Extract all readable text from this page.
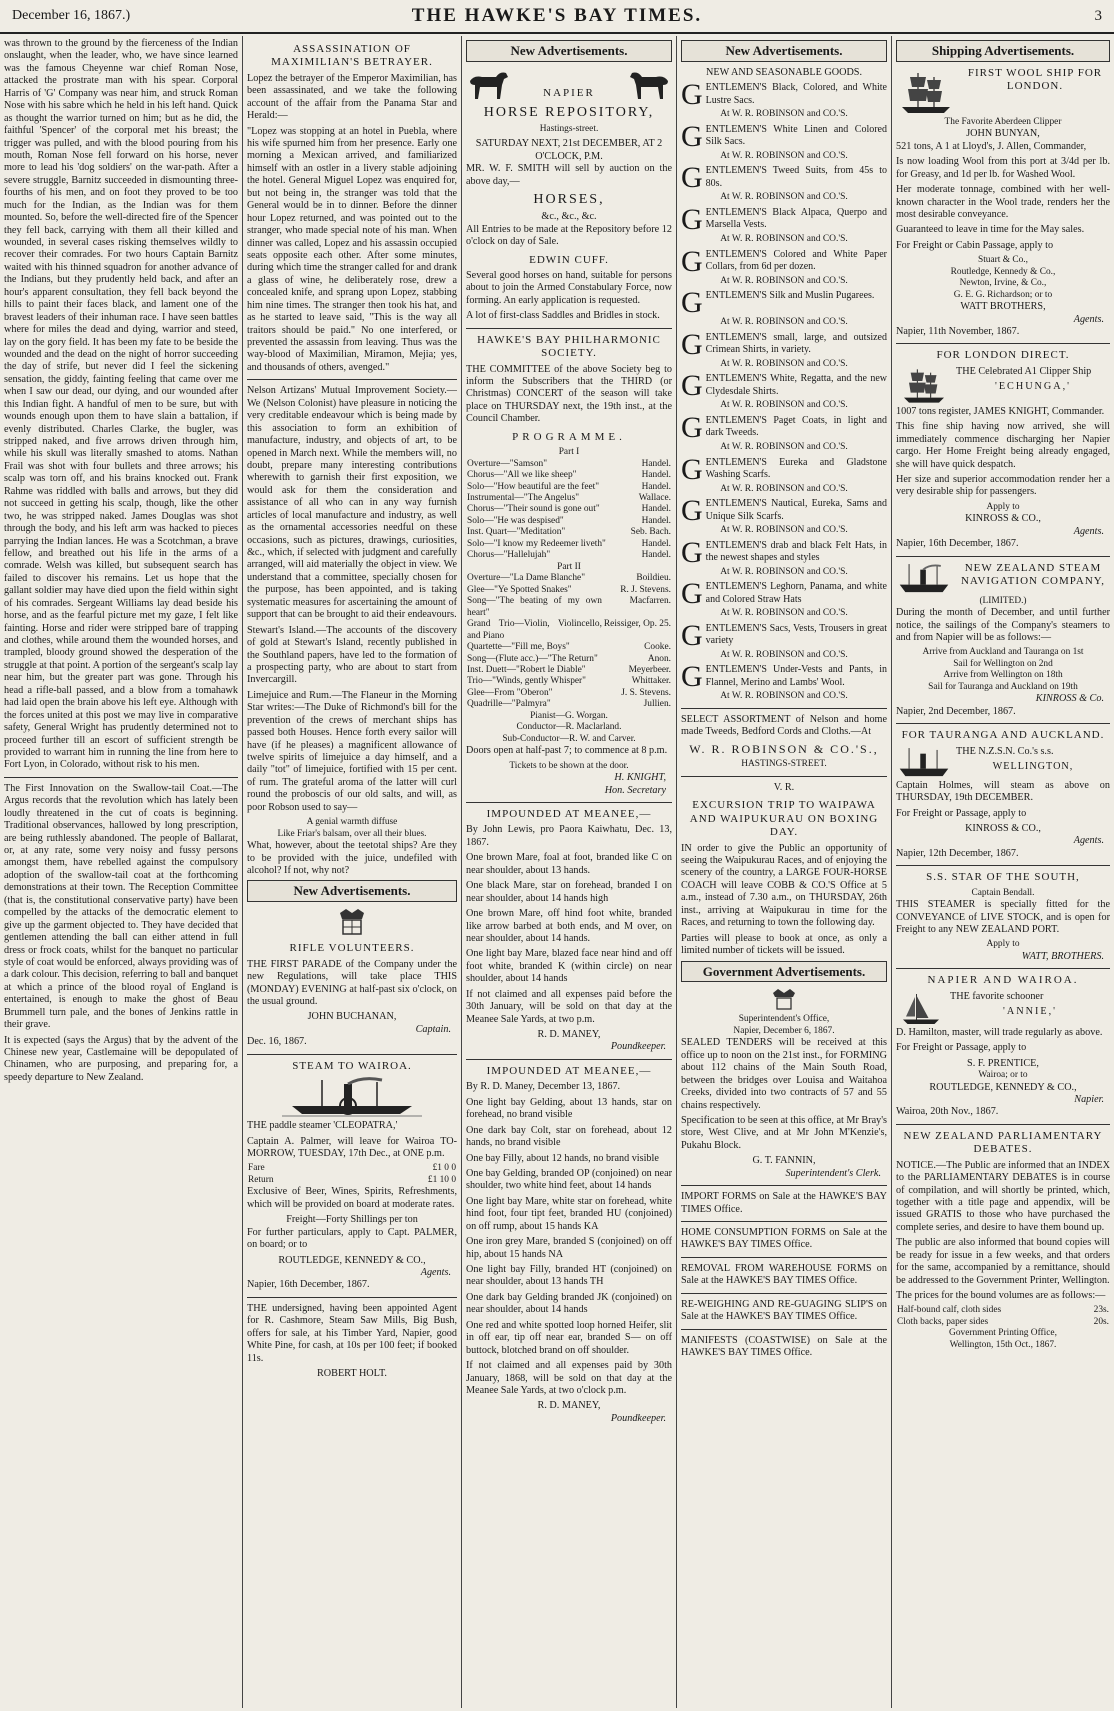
December 16, 1867.)	THE HAWKE'S BAY TIMES.	3

was thrown to the ground by the fierceness of the Indian onslaught, when the leader, who, we have since learned was the famous Cheyenne war chief Roman Nose, attacked the prostrate man with his spear. Corporal Harris of 'G' Company was near him, and struck Roman Nose with his sabre which he held in his left hand. Quick as thought the warrior turned on him; but as he did, the faithful 'Spencer' of the corporal met his breast; the trigger was pulled, and with the blood pouring from his mouth, Roman Nose fell forward on his horse, never more to lead his 'dog soldiers' on the war-path. After a severe struggle, Barnitz succeeded in dismounting three-fourths of his men, and on foot they proved to be too much for the Indian, as the Indian was for them mounted. So, before the well-directed fire of the Spencer they fell back, carrying with them all their killed and wounded, in several cases risking themselves wildly to recover their comrades. For two hours Captain Barnitz waited with his thinned squadron for another advance of the Indians, but they prudently held back, and after an hour's apparent consultation, they fell back beyond the hills to paint their faces black, and lament one of the bravest leaders of their inhuman race. I have seen battles where for miles the dead and dying, warrior and steed, lay on the gory field. It has been my fate to be beside the wounded and the dead on the night of horror succeeding the day of strife, but never did I feel the sickening sensation, the giddy, fainting feeling that came over me when I saw our dead, our dying, and our wounded after this Indian fight. A handful of men to be sure, but with wounds enough upon them to have slain a battalion, if evenly distributed. Charles Clarke, the bugler, was stripped naked, and five arrows driven through him, while his skull was literally smashed to atoms. Nathan Frail was shot with four bullets and three arrows; his scalp was torn off, and his brains knocked out. Frank Rahme was riddled with balls and arrows, but they did not succeed in getting his scalp, though, like the other two, he was stripped naked. James Douglas was shot through the body, and his left arm was hacked to pieces parrying the Indian lances. He was a Scotchman, a brave fellow, and breathed out his life in the arms of a comrade. Welsh was killed, but subsequent search has failed to discover his remains. Let us hope that the gallant soldier may have died upon the field within sight of his comrades. Sergeant Williams lay dead beside his horse, and as the fearful picture met my gaze, I felt like fainting. Horse and rider were stripped bare of trapping and clothes, while around them the wounded horses, and trampled, bloody ground showed the desperation of the struggle at that point. A portion of the sergeant's scalp lay near him, but the greater part was gone. Through his head a rifle-ball passed, and a blow from a tomahawk had laid open the brain above his left eye. Although with the forces united at this post we may live in comparative safety, General Wright has prudently determined not to proceed further till an escort of sufficient strength be provided to warrant him in running the line from here to Fort Lyon, in Colorado, without risk to his men.

The First Innovation on the Swallow-tail Coat.—The Argus records that the revolution which has lately been loudly threatened in the cut of coats is beginning. Traditional observances, hallowed by long prescription, are being ruthlessly abandoned. The people of Ballarat, or, at any rate, some very noisy and fussy persons amongst them, have rebelled against the compulsory adoption of the swallow-tail coat at the forthcoming demonstrations at their town. The Reception Committee (that is, the constitutional conservative party) have been compelled by the attacks of the democratic element to give up the garment objected to. They have decided that gentlemen attending the ball can either attend in full dress or frock coats, whilst for the banquet no particular style of coat would be enforced, always providing was of a dark colour. This decision, referring to ball and banquet at which a prince of the blood royal of England is entertained, is enough to make the ghost of Beau Brummell turn pale, and the bones of Jenkins rattle in their grave.

It is expected (says the Argus) that by the advent of the Chinese new year, Castlemaine will be depopulated of Chinamen, who are purposing, and preparing for, a speedy departure to New Zealand.

ASSASSINATION OF MAXIMILIAN'S BETRAYER.

Lopez the betrayer of the Emperor Maximilian, has been assassinated, and we take the following account of the affair from the Panama Star and Herald:—

"Lopez was stopping at an hotel in Puebla, where his wife spurned him from her presence. Early one morning a Mexican arrived, and familiarized himself with an ostler in a livery stable adjoining the hotel. General Miguel Lopez was enquired for, but not being in, the stranger was told that the General would be in to dinner. Before the dinner hour Lopez returned, and was pointed out to the stranger, who made special note of his man. When dinner was called, Lopez and his assassin occupied seats opposite each other. After some minutes, during which time the stranger called for and drank a glass of wine, he deliberately rose, drew a concealed knife, and sprang upon Lopez, stabbing him nine times. The stranger then took his hat, and as he started to leave said, "This is the way all traitors should be paid." No one interfered, or prevented the assassin from leaving. Thus was the way-blood of Maximilian, Miramon, Mejia; yes, and thousands of others, avenged."

Nelson Artizans' Mutual Improvement Society.—We (Nelson Colonist) have pleasure in noticing the very creditable endeavour which is being made by this association to form an exhibition of manufacture, industry, and objects of art, to be opened in March next. While the members will, no doubt, prepare many interesting contributions wherewith to garnish their first exposition, we would ask for them the consideration and assistance of all who can in any way furnish articles of local manufacture and industry, as well as the ornamental accessories needful on these occasions, such as pictures, drawings, curiosities, &c., which, if selected with judgment and carefully arranged, will aid materially the object in view. We understand that a committee, specially chosen for the purpose, has been appointed, and is taking systematic measures for ascertaining the amount of support that can be brought to aid their endeavours.

Stewart's Island.—The accounts of the discovery of gold at Stewart's Island, recently published in the Southland papers, have led to the formation of a prospecting party, who are about to start from Invercargill.

Limejuice and Rum.—The Flaneur in the Morning Star writes:—The Duke of Richmond's bill for the prevention of the crews of merchant ships has passed both Houses. Hence forth every sailor will have (if he pleases) a magnificent allowance of twelve spirits of limejuice a day himself, and a daily "tot" of limejuice, fortified with 15 per cent. of rum. The grateful aroma of the latter will curl round the proboscis of our old salts, and will, as poor Robson used to say—

A genial warmth diffuse
Like Friar's balsam, over all their blues.

What, however, about the teetotal ships? Are they to be provided with the juice, undefiled with alcohol? If not, why not?

New Advertisements.
RIFLE VOLUNTEERS.

THE FIRST PARADE of the Company under the new Regulations, will take place THIS (MONDAY) EVENING at half-past six o'clock, on the usual ground.

JOHN BUCHANAN,
Captain.
Dec. 16, 1867.
STEAM TO WAIROA.

THE paddle steamer 'CLEOPATRA,'

Captain A. Palmer, will leave for Wairoa TO-MORROW, TUESDAY, 17th Dec., at ONE p.m.

Fare	£1 0 0
Return	£1 10 0

Exclusive of Beer, Wines, Spirits, Refreshments, which will be provided on board at moderate rates.

Freight—Forty Shillings per ton

For further particulars, apply to Capt. PALMER, on board; or to

ROUTLEDGE, KENNEDY & CO.,
Agents.
Napier, 16th December, 1867.

THE undersigned, having been appointed Agent for R. Cashmore, Steam Saw Mills, Big Bush, offers for sale, at his Timber Yard, Napier, good White Pine, for cash, at 10s per 100 feet; if booked 11s.

ROBERT HOLT.
New Advertisements.
NAPIER
HORSE REPOSITORY,
Hastings-street.
SATURDAY NEXT, 21st DECEMBER, AT 2 O'CLOCK, P.M.

MR. W. F. SMITH will sell by auction on the above day,—

HORSES,
&c., &c., &c.

All Entries to be made at the Repository before 12 o'clock on day of Sale.

EDWIN CUFF.

Several good horses on hand, suitable for persons about to join the Armed Constabulary Force, now forming. An early application is requested.

A lot of first-class Saddles and Bridles in stock.

HAWKE'S BAY PHILHARMONIC SOCIETY.

THE COMMITTEE of the above Society beg to inform the Subscribers that the THIRD (or Christmas) CONCERT of the season will take place on THURSDAY next, the 19th inst., at the Council Chamber.

PROGRAMME.
Part I
Overture—"Samson"	Handel.
Chorus—"All we like sheep"	Handel.
Solo—"How beautiful are the feet"	Handel.
Instrumental—"The Angelus"	Wallace.
Chorus—"Their sound is gone out"	Handel.
Solo—"He was despised"	Handel.
Inst. Quart—"Meditation"	Seb. Bach.
Solo—"I know my Redeemer liveth"	Handel.
Chorus—"Hallelujah"	Handel.
Part II
Overture—"La Dame Blanche"	Boildieu.
Glee—"Ye Spotted Snakes"	R. J. Stevens.
Song—"The beating of my own heart"	Macfarren.
Grand Trio—Violin, Violincello, and Piano	Reissiger, Op. 25.
Quartette—"Fill me, Boys"	Cooke.
Song—(Flute acc.)—"The Return"	Anon.
Inst. Duett—"Robert le Diable"	Meyerbeer.
Trio—"Winds, gently Whisper"	Whittaker.
Glee—From "Oberon"	J. S. Stevens.
Quadrille—"Palmyra"	Jullien.
Pianist—G. Worgan.
Conductor—R. Maclarland.
Sub-Conductor—R. W. and Carver.

Doors open at half-past 7; to commence at 8 p.m.

Tickets to be shown at the door.
H. KNIGHT,
Hon. Secretary
IMPOUNDED AT MEANEE,—

By John Lewis, pro Paora Kaiwhatu, Dec. 13, 1867.

One brown Mare, foal at foot, branded like C on near shoulder, about 13 hands.

One black Mare, star on forehead, branded I on near shoulder, about 14 hands high

One brown Mare, off hind foot white, branded like arrow barbed at both ends, and M over, on near shoulder, about 14 hands.

One light bay Mare, blazed face near hind and off foot white, branded K (within circle) on near shoulder, about 14 hands

If not claimed and all expenses paid before the 30th January, will be sold on that day at the Meanee Sale Yards, at two p.m.

R. D. MANEY,
Poundkeeper.
IMPOUNDED AT MEANEE,—

By R. D. Maney, December 13, 1867.

One light bay Gelding, about 13 hands, star on forehead, no brand visible

One dark bay Colt, star on forehead, about 12 hands, no brand visible

One bay Filly, about 12 hands, no brand visible

One bay Gelding, branded OP (conjoined) on near shoulder, two white hind feet, about 14 hands

One light bay Mare, white star on forehead, white hind foot, four tipt feet, branded HU (conjoined) on off rump, about 15 hands KA

One iron grey Mare, branded S (conjoined) on off hip, about 15 hands NA

One light bay Filly, branded HT (conjoined) on near shoulder, about 13 hands TH

One dark bay Gelding branded JK (conjoined) on near shoulder, about 14 hands

One red and white spotted loop horned Heifer, slit in off ear, tip off near ear, branded S— on off buttock, blotched brand on off shoulder.

If not claimed and all expenses paid by 30th January, 1868, will be sold on that day at the Meanee Sale Yards, at two o'clock p.m.

R. D. MANEY,
Poundkeeper.
New Advertisements.
NEW AND SEASONABLE GOODS.
GENTLEMEN'S Black, Colored, and White Lustre Sacs.
At W. R. ROBINSON and CO.'S.
GENTLEMEN'S White Linen and Colored Silk Sacs.
At W. R. ROBINSON and CO.'S.
GENTLEMEN'S Tweed Suits, from 45s to 80s.
At W. R. ROBINSON and CO.'S.
GENTLEMEN'S Black Alpaca, Querpo and Marsella Vests.
At W. R. ROBINSON and CO.'S.
GENTLEMEN'S Colored and White Paper Collars, from 6d per dozen.
At W. R. ROBINSON and CO.'S.
GENTLEMEN'S Silk and Muslin Pugarees.
At W. R. ROBINSON and CO.'S.
GENTLEMEN'S small, large, and outsized Crimean Shirts, in variety.
At W. R. ROBINSON and CO.'S.
GENTLEMEN'S White, Regatta, and the new Clydesdale Shirts.
At W. R. ROBINSON and CO.'S.
GENTLEMEN'S Paget Coats, in light and dark Tweeds.
At W. R. ROBINSON and CO.'S.
GENTLEMEN'S Eureka and Gladstone Washing Scarfs.
At W. R. ROBINSON and CO.'S.
GENTLEMEN'S Nautical, Eureka, Sams and Unique Silk Scarfs.
At W. R. ROBINSON and CO.'S.
GENTLEMEN'S drab and black Felt Hats, in the newest shapes and styles
At W. R. ROBINSON and CO.'S.
GENTLEMEN'S Leghorn, Panama, and white and Colored Straw Hats
At W. R. ROBINSON and CO.'S.
GENTLEMEN'S Sacs, Vests, Trousers in great variety
At W. R. ROBINSON and CO.'S.
GENTLEMEN'S Under-Vests and Pants, in Flannel, Merino and Lambs' Wool.
At W. R. ROBINSON and CO.'S.

SELECT ASSORTMENT of Nelson and home made Tweeds, Bedford Cords and Cloths.—At

W. R. ROBINSON & CO.'S.,
HASTINGS-STREET.
V. R.
EXCURSION TRIP TO WAIPAWA AND WAIPUKURAU ON BOXING DAY.

IN order to give the Public an opportunity of seeing the Waipukurau Races, and of enjoying the scenery of the country, a LARGE FOUR-HORSE COACH will leave COBB & CO.'S Office at 5 a.m., instead of 7.30 a.m., on THURSDAY, 26th inst., arriving at Waipukurau in time for the Races, and returning to town the following day.

Parties will please to book at once, as only a limited number of tickets will be issued.

Government Advertisements.
Superintendent's Office,
Napier, December 6, 1867.

SEALED TENDERS will be received at this office up to noon on the 21st inst., for FORMING about 112 chains of the Main South Road, between the bridges over Louisa and Waitahoa Creeks, divided into two contracts of 57 and 55 chains respectively.

Specification to be seen at this office, at Mr Bray's store, West Clive, and at Mr John M'Kenzie's, Pukahu Block.

G. T. FANNIN,
Superintendent's Clerk.

IMPORT FORMS on Sale at the HAWKE'S BAY TIMES Office.

HOME CONSUMPTION FORMS on Sale at the HAWKE'S BAY TIMES Office.

REMOVAL FROM WAREHOUSE FORMS on Sale at the HAWKE'S BAY TIMES Office.

RE-WEIGHING AND RE-GUAGING SLIP'S on Sale at the HAWKE'S BAY TIMES Office.

MANIFESTS (COASTWISE) on Sale at the HAWKE'S BAY TIMES Office.

Shipping Advertisements.
FIRST WOOL SHIP FOR LONDON.
The Favorite Aberdeen Clipper
JOHN BUNYAN,

521 tons, A 1 at Lloyd's, J. Allen, Commander,

Is now loading Wool from this port at 3/4d per lb. for Greasy, and 1d per lb. for Washed Wool.

Her moderate tonnage, combined with her well-known character in the Wool trade, renders her the most desirable conveyance.

Guaranteed to leave in time for the May sales.

For Freight or Cabin Passage, apply to

Stuart & Co.,
Routledge, Kennedy & Co.,
Newton, Irvine, & Co.,
G. E. G. Richardson; or to
WATT BROTHERS,
Agents.
Napier, 11th November, 1867.
FOR LONDON DIRECT.

THE Celebrated A1 Clipper Ship

'ECHUNGA,'

1007 tons register, JAMES KNIGHT, Commander.

This fine ship having now arrived, she will immediately commence discharging her Napier cargo. Her Home Freight being already engaged, she will have quick despatch.

Her size and superior accommodation render her a very desirable ship for passengers.

Apply to
KINROSS & CO.,
Agents.
Napier, 16th December, 1867.
NEW ZEALAND STEAM NAVIGATION COMPANY,
(LIMITED.)

During the month of December, and until further notice, the sailings of the Company's steamers to and from Napier will be as follows:—

Arrive from Auckland and Tauranga on 1st
Sail for Wellington on 2nd
Arrive from Wellington on 18th
Sail for Tauranga and Auckland on 19th
KINROSS & Co.
Napier, 2nd December, 1867.
FOR TAURANGA AND AUCKLAND.

THE N.Z.S.N. Co.'s s.s.

WELLINGTON,

Captain Holmes, will steam as above on THURSDAY, 19th DECEMBER.

For Freight or Passage, apply to

KINROSS & CO.,
Agents.
Napier, 12th December, 1867.
S.S. STAR OF THE SOUTH,
Captain Bendall.

THIS STEAMER is specially fitted for the CONVEYANCE of LIVE STOCK, and is open for Freight to any NEW ZEALAND PORT.

Apply to
WATT, BROTHERS.
NAPIER AND WAIROA.

THE favorite schooner

'ANNIE,'

D. Hamilton, master, will trade regularly as above.

For Freight or Passage, apply to

S. F. PRENTICE,
Wairoa; or to
ROUTLEDGE, KENNEDY & CO.,
Napier.
Wairoa, 20th Nov., 1867.
NEW ZEALAND PARLIAMENTARY DEBATES.

NOTICE.—The Public are informed that an INDEX to the PARLIAMENTARY DEBATES is in course of compilation, and will shortly be printed, which, together with a title page and appendix, will be issued GRATIS to those who have purchased the complete series, and desire to have them bound up.

The public are also informed that bound copies will be ready for issue in a few weeks, and that orders for the same, accompanied by a remittance, should be addressed to the Government Printer, Wellington.

The prices for the bound volumes are as follows:—

Half-bound calf, cloth sides	23s.
Cloth backs, paper sides	20s.
Government Printing Office,
Wellington, 15th Oct., 1867.
